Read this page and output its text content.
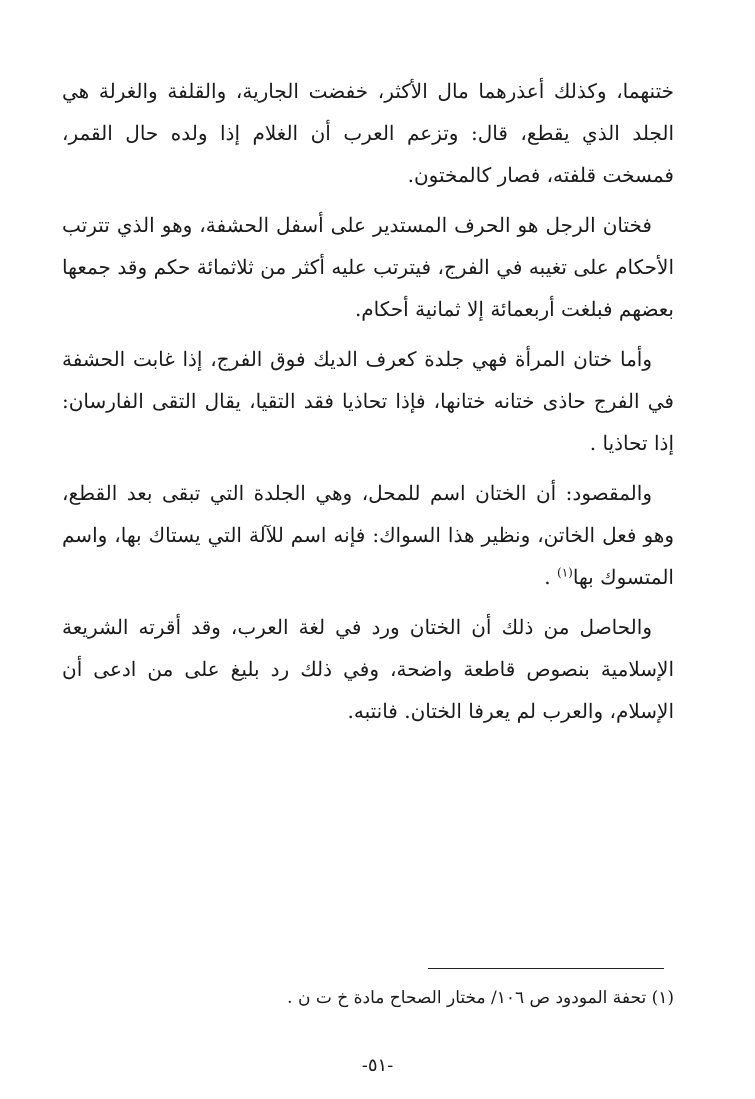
ختنهما، وكذلك أعذرهما مال الأكثر، خفضت الجارية، والقلفة والغرلة هي الجلد الذي يقطع، قال: وتزعم العرب أن الغلام إذا ولده حال القمر، فمسخت قلفته، فصار كالمختون.

فختان الرجل هو الحرف المستدير على أسفل الحشفة، وهو الذي تترتب الأحكام على تغيبه في الفرج، فيترتب عليه أكثر من ثلاثمائة حكم وقد جمعها بعضهم فبلغت أربعمائة إلا ثمانية أحكام.

وأما ختان المرأة فهي جلدة كعرف الديك فوق الفرج، إذا غابت الحشفة في الفرج حاذى ختانه ختانها، فإذا تحاذيا فقد التقيا، يقال التقى الفارسان: إذا تحاذيا .

والمقصود: أن الختان اسم للمحل، وهي الجلدة التي تبقى بعد القطع، وهو فعل الخاتن، ونظير هذا السواك: فإنه اسم للآلة التي يستاك بها، واسم المتسوك بها$^{(١)}$ .

والحاصل من ذلك أن الختان ورد في لغة العرب، وقد أقرته الشريعة الإسلامية بنصوص قاطعة واضحة، وفي ذلك رد بليغ على من ادعى أن الإسلام، والعرب لم يعرفا الختان. فانتبه.

(١) تحفة المودود ص ١٠٦/ مختار الصحاح مادة خ ت ن .
-٥١-
